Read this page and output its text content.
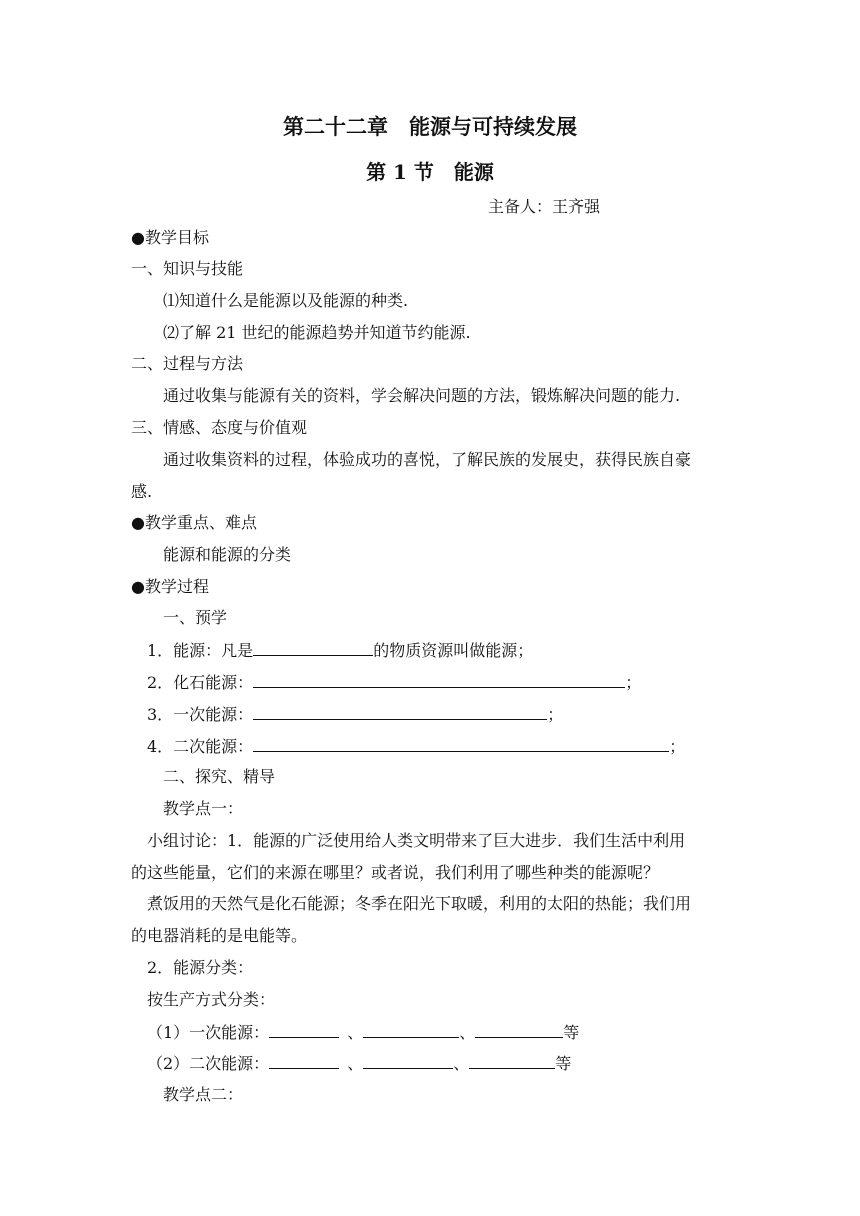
第二十二章　能源与可持续发展
第 1 节　能源
主备人：王齐强
●教学目标
一、知识与技能
⑴知道什么是能源以及能源的种类.
⑵了解 21 世纪的能源趋势并知道节约能源.
二、过程与方法
通过收集与能源有关的资料，学会解决问题的方法，锻炼解决问题的能力.
三、情感、态度与价值观
通过收集资料的过程，体验成功的喜悦，了解民族的发展史，获得民族自豪
感.
●教学重点、难点
能源和能源的分类
●教学过程
一、预学
1．能源：凡是	的物质资源叫做能源；
2．化石能源：	；
3．一次能源：	；
4．二次能源：	；
二、探究、精导
教学点一：
小组讨论：1．能源的广泛使用给人类文明带来了巨大进步．我们生活中利用
的这些能量，它们的来源在哪里？或者说，我们利用了哪些种类的能源呢？
煮饭用的天然气是化石能源；冬季在阳光下取暖，利用的太阳的热能；我们用
的电器消耗的是电能等。
2．能源分类：
按生产方式分类：
（1）一次能源：	、	、	等
（2）二次能源：	、	、	等
教学点二：
